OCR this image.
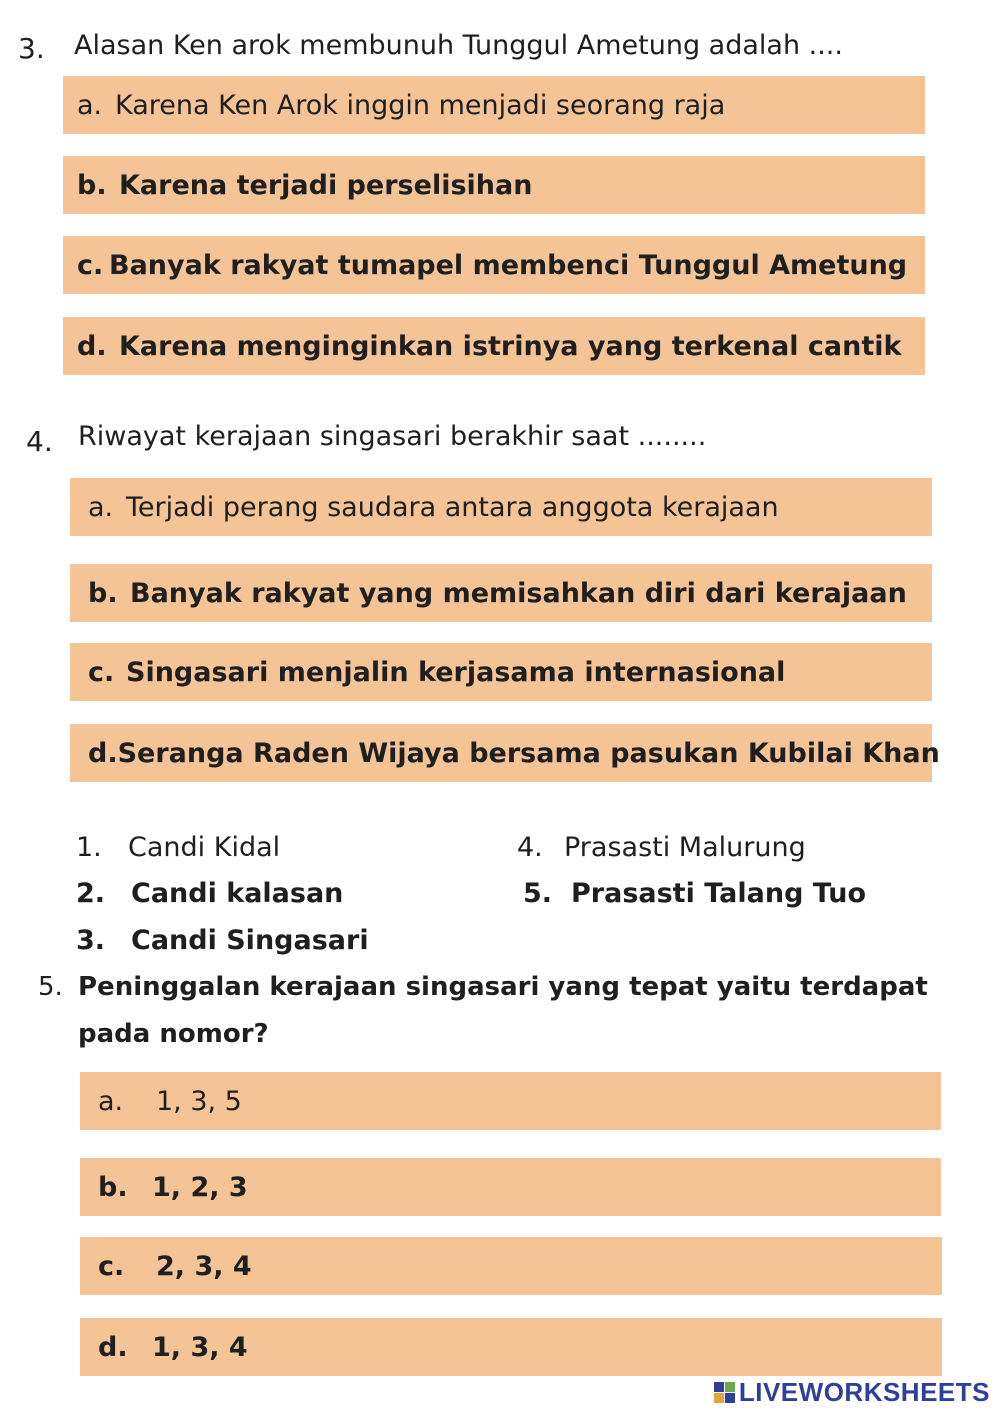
3. Alasan Ken arok membunuh Tunggul Ametung adalah ....
a. Karena Ken Arok inggin menjadi seorang raja
b. Karena terjadi perselisihan
c. Banyak rakyat tumapel membenci Tunggul Ametung
d. Karena menginginkan istrinya yang terkenal cantik
4. Riwayat kerajaan singasari berakhir saat ........
a. Terjadi perang saudara antara anggota kerajaan
b. Banyak rakyat yang memisahkan diri dari kerajaan
c. Singasari menjalin kerjasama internasional
d. Seranga Raden Wijaya bersama pasukan Kubilai Khan
1. Candi Kidal
2. Candi kalasan
3. Candi Singasari
4. Prasasti Malurung
5. Prasasti Talang Tuo
5. Peninggalan kerajaan singasari yang tepat yaitu terdapat
pada nomor?
a.	1, 3, 5
b. 1, 2, 3
c.	2, 3, 4
d. 1, 3, 4
LIVEWORKSHEETS
